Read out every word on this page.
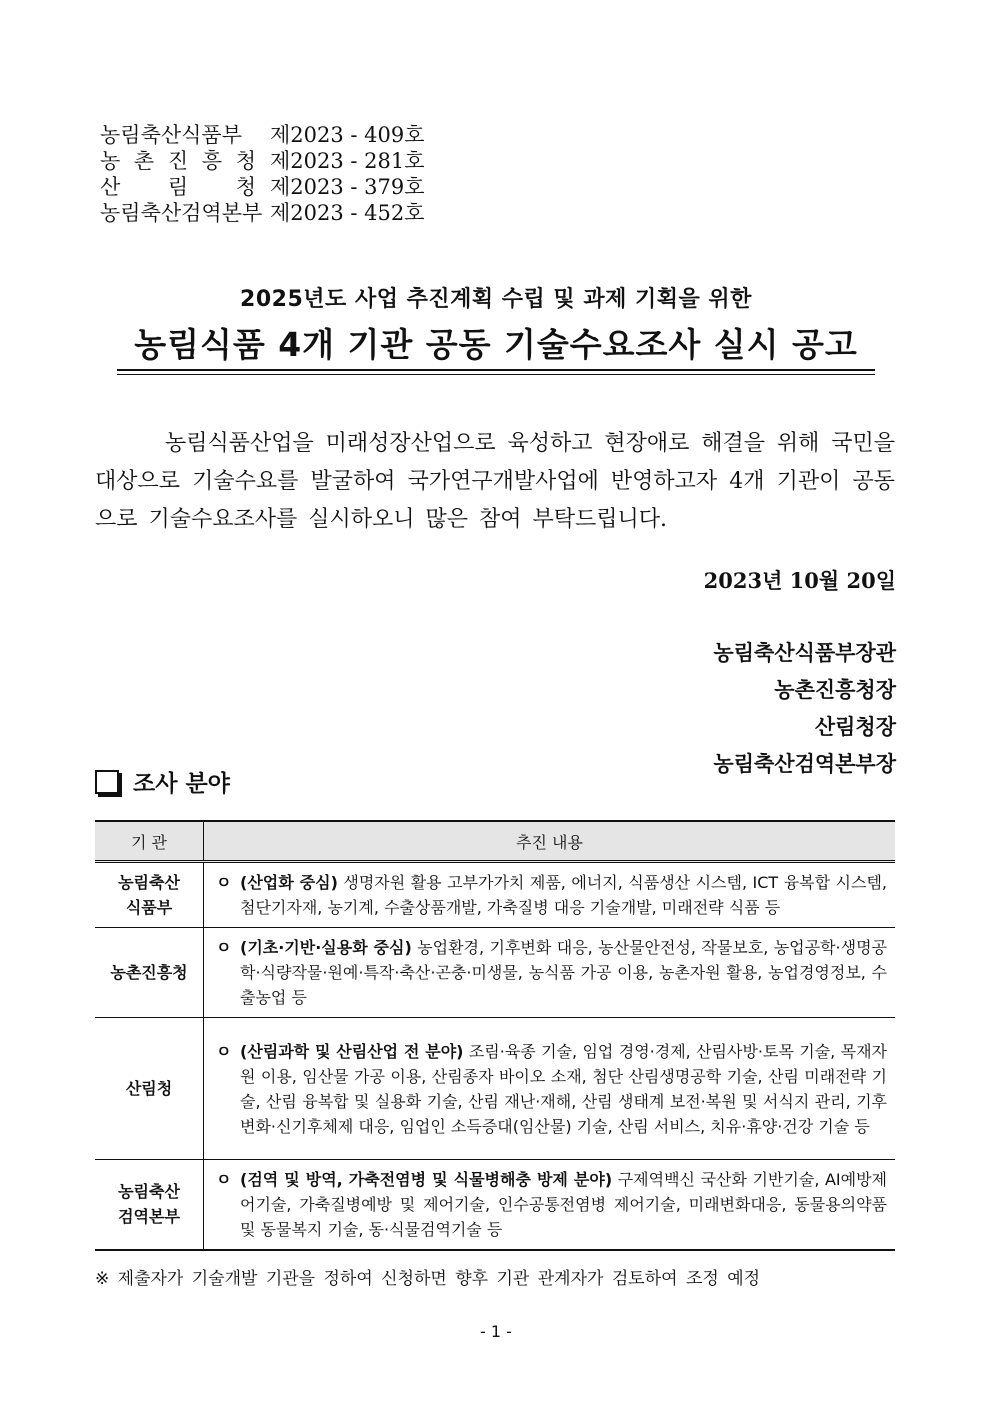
농림축산식품부	제2023 - 409호
농 촌 진 흥 청 제2023 - 281호
산 림 청 제2023 - 379호
농림축산검역본부 제2023 - 452호
2025년도 사업 추진계획 수립 및 과제 기획을 위한
농림식품 4개 기관 공동 기술수요조사 실시 공고

농림식품산업을 미래성장산업으로 육성하고 현장애로 해결을 위해 국민을 대상으로 기술수요를 발굴하여 국가연구개발사업에 반영하고자 4개 기관이 공동으로 기술수요조사를 실시하오니 많은 참여 부탁드립니다.

2023년 10월 20일
농림축산식품부장관
농촌진흥청장
산림청장
농림축산검역본부장
조사 분야
기 관	추진 내용
농림축산
식품부	ㅇ (산업화 중심) 생명자원 활용 고부가가치 제품, 에너지, 식품생산 시스템, ICT 융복합 시스템, 첨단기자재, 농기계, 수출상품개발, 가축질병 대응 기술개발, 미래전략 식품 등

농촌진흥청	ㅇ (기초·기반·실용화 중심) 농업환경, 기후변화 대응, 농산물안전성, 작물보호, 농업공학·생명공학·식량작물·원예·특작·축산·곤충·미생물, 농식품 가공 이용, 농촌자원 활용, 농업경영정보, 수출농업 등

산림청	ㅇ (산림과학 및 산림산업 전 분야) 조림·육종 기술, 임업 경영·경제, 산림사방·토목 기술, 목재자원 이용, 임산물 가공 이용, 산림종자 바이오 소재, 첨단 산림생명공학 기술, 산림 미래전략 기술, 산림 융복합 및 실용화 기술, 산림 재난·재해, 산림 생태계 보전·복원 및 서식지 관리, 기후변화·신기후체제 대응, 임업인 소득증대(임산물) 기술, 산림 서비스, 치유·휴양·건강 기술 등

농림축산
검역본부	ㅇ (검역 및 방역, 가축전염병 및 식물병해충 방제 분야) 구제역백신 국산화 기반기술, AI예방제어기술, 가축질병예방 및 제어기술, 인수공통전염병 제어기술, 미래변화대응, 동물용의약품 및 동물복지 기술, 동·식물검역기술 등
※ 제출자가 기술개발 기관을 정하여 신청하면 향후 기관 관계자가 검토하여 조정 예정
- 1 -
